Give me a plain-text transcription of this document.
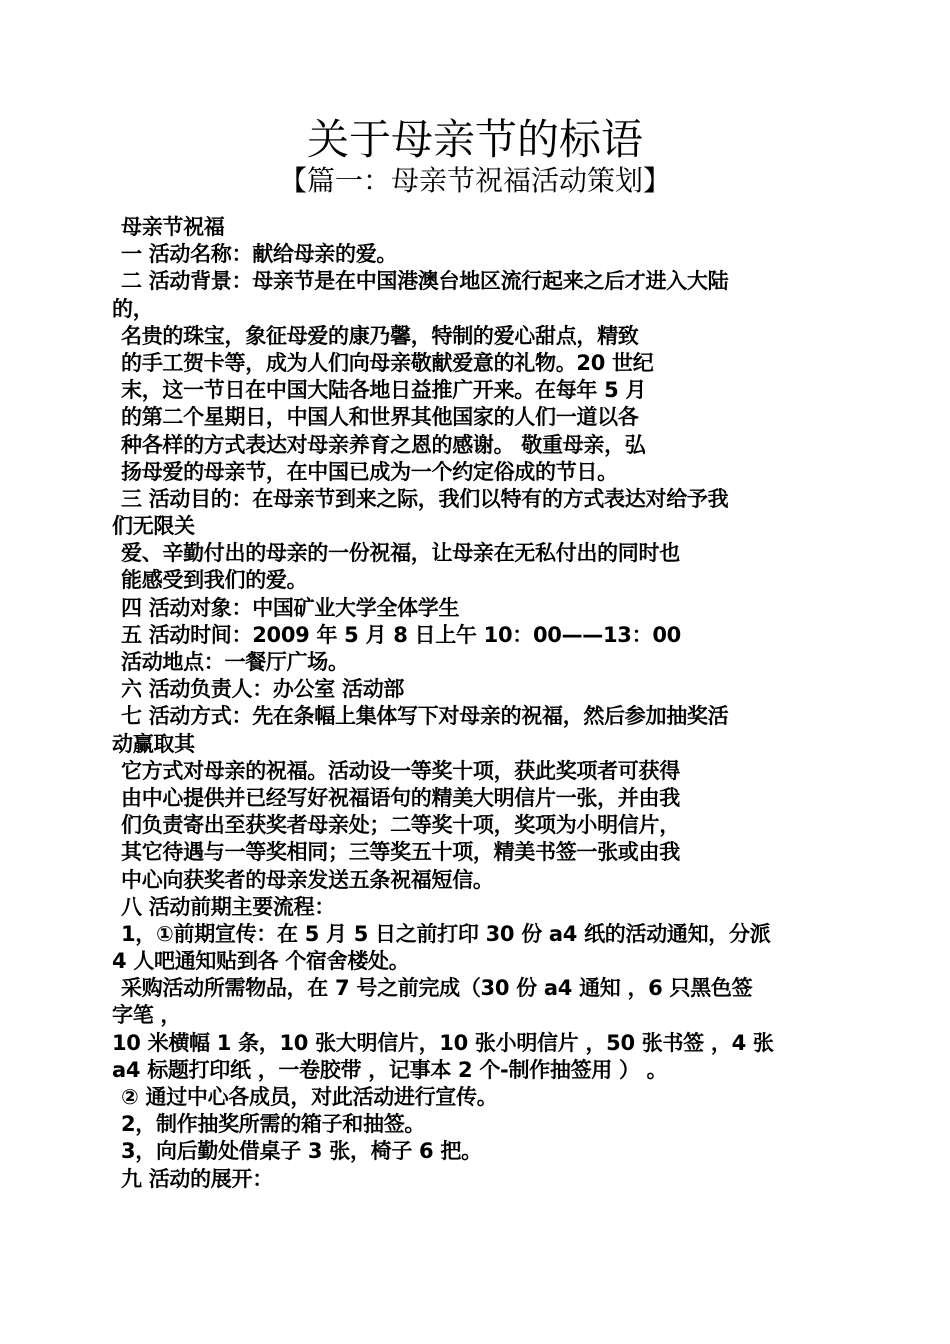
关于母亲节的标语
【篇一：母亲节祝福活动策划】
母亲节祝福
一 活动名称：献给母亲的爱。
二 活动背景：母亲节是在中国港澳台地区流行起来之后才进入大陆
的，
名贵的珠宝，象征母爱的康乃馨，特制的爱心甜点，精致
的手工贺卡等，成为人们向母亲敬献爱意的礼物。20 世纪
末，这一节日在中国大陆各地日益推广开来。在每年 5 月
的第二个星期日，中国人和世界其他国家的人们一道以各
种各样的方式表达对母亲养育之恩的感谢。 敬重母亲，弘
扬母爱的母亲节，在中国已成为一个约定俗成的节日。
三 活动目的：在母亲节到来之际，我们以特有的方式表达对给予我
们无限关
爱、辛勤付出的母亲的一份祝福，让母亲在无私付出的同时也
能感受到我们的爱。
四 活动对象：中国矿业大学全体学生
五 活动时间：2009 年 5 月 8 日上午 10：00——13：00
活动地点：一餐厅广场。
六 活动负责人：办公室 活动部
七 活动方式：先在条幅上集体写下对母亲的祝福，然后参加抽奖活
动赢取其
它方式对母亲的祝福。活动设一等奖十项，获此奖项者可获得
由中心提供并已经写好祝福语句的精美大明信片一张，并由我
们负责寄出至获奖者母亲处；二等奖十项，奖项为小明信片，
其它待遇与一等奖相同；三等奖五十项，精美书签一张或由我
中心向获奖者的母亲发送五条祝福短信。
八 活动前期主要流程：
1，①前期宣传：在 5 月 5 日之前打印 30 份 a4 纸的活动通知，分派
4 人吧通知贴到各 个宿舍楼处。
采购活动所需物品，在 7 号之前完成（30 份 a4 通知 ，6 只黑色签
字笔 ，
10 米横幅 1 条，10 张大明信片，10 张小明信片 ，50 张书签 ，4 张
a4 标题打印纸 ，一卷胶带 ，记事本 2 个-制作抽签用 ） 。
② 通过中心各成员，对此活动进行宣传。
2，制作抽奖所需的箱子和抽签。
3，向后勤处借桌子 3 张，椅子 6 把。
九 活动的展开：
